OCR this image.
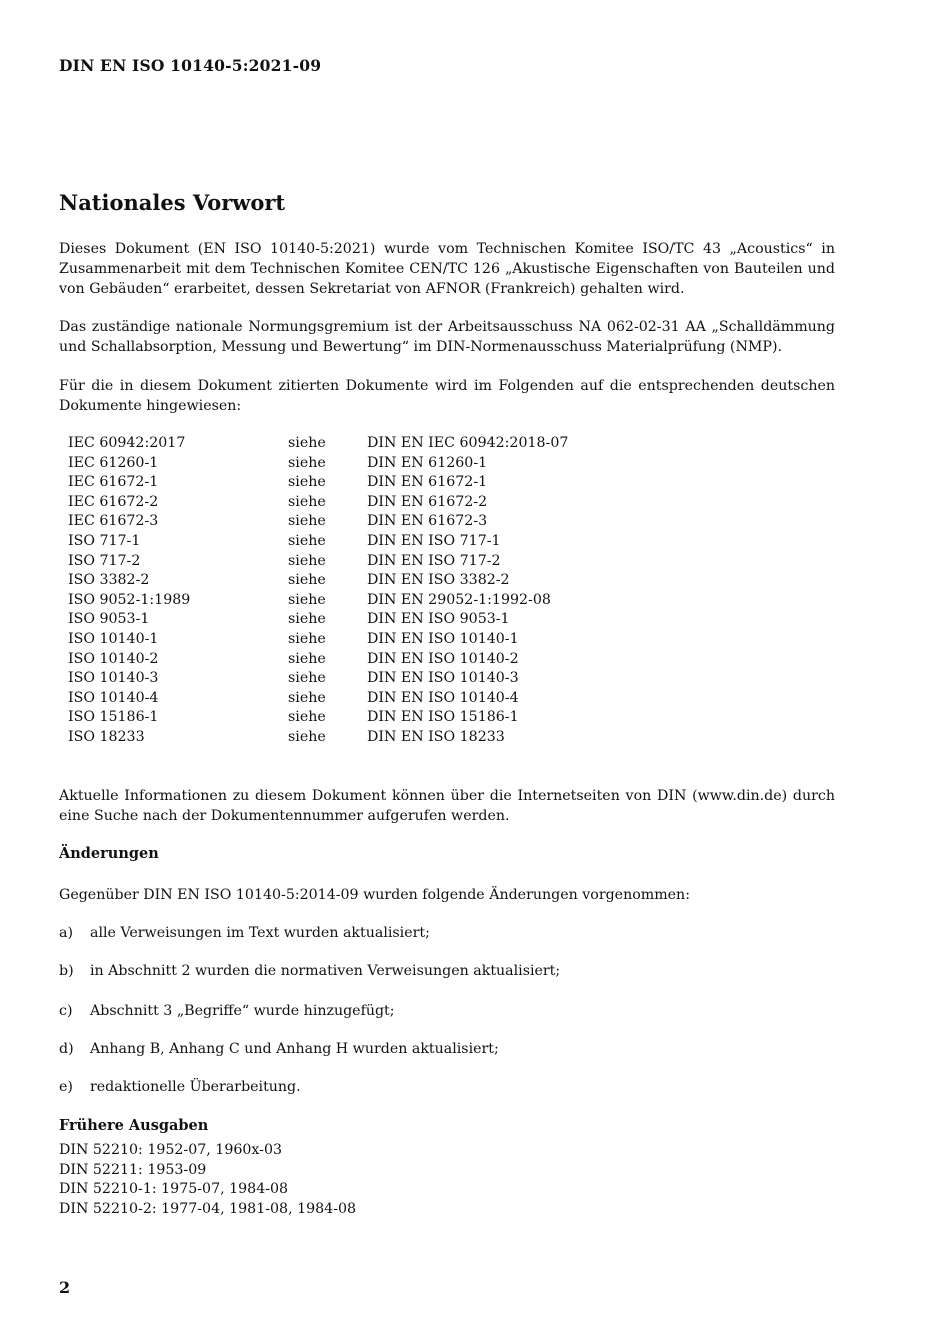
DIN EN ISO 10140-5:2021-09
Nationales Vorwort
Dieses Dokument (EN ISO 10140-5:2021) wurde vom Technischen Komitee ISO/TC 43 „Acoustics“ in Zusammenarbeit mit dem Technischen Komitee CEN/TC 126 „Akustische Eigenschaften von Bauteilen und von Gebäuden“ erarbeitet, dessen Sekretariat von AFNOR (Frankreich) gehalten wird.
Das zuständige nationale Normungsgremium ist der Arbeitsausschuss NA 062-02-31 AA „Schalldämmung und Schallabsorption, Messung und Bewertung“ im DIN-Normenausschuss Materialprüfung (NMP).
Für die in diesem Dokument zitierten Dokumente wird im Folgenden auf die entsprechenden deutschen Dokumente hingewiesen:
IEC 60942:2017	siehe	DIN EN IEC 60942:2018-07
IEC 61260-1	siehe	DIN EN 61260-1
IEC 61672-1	siehe	DIN EN 61672-1
IEC 61672-2	siehe	DIN EN 61672-2
IEC 61672-3	siehe	DIN EN 61672-3
ISO 717-1	siehe	DIN EN ISO 717-1
ISO 717-2	siehe	DIN EN ISO 717-2
ISO 3382-2	siehe	DIN EN ISO 3382-2
ISO 9052-1:1989	siehe	DIN EN 29052-1:1992-08
ISO 9053-1	siehe	DIN EN ISO 9053-1
ISO 10140-1	siehe	DIN EN ISO 10140-1
ISO 10140-2	siehe	DIN EN ISO 10140-2
ISO 10140-3	siehe	DIN EN ISO 10140-3
ISO 10140-4	siehe	DIN EN ISO 10140-4
ISO 15186-1	siehe	DIN EN ISO 15186-1
ISO 18233	siehe	DIN EN ISO 18233
Aktuelle Informationen zu diesem Dokument können über die Internetseiten von DIN (www.din.de) durch eine Suche nach der Dokumentennummer aufgerufen werden.
Änderungen
Gegenüber DIN EN ISO 10140-5:2014-09 wurden folgende Änderungen vorgenommen:
a) alle Verweisungen im Text wurden aktualisiert;
b) in Abschnitt 2 wurden die normativen Verweisungen aktualisiert;
c) Abschnitt 3 „Begriffe“ wurde hinzugefügt;
d) Anhang B, Anhang C und Anhang H wurden aktualisiert;
e) redaktionelle Überarbeitung.
Frühere Ausgaben
DIN 52210: 1952-07, 1960x-03
DIN 52211: 1953-09
DIN 52210-1: 1975-07, 1984-08
DIN 52210-2: 1977-04, 1981-08, 1984-08
2
